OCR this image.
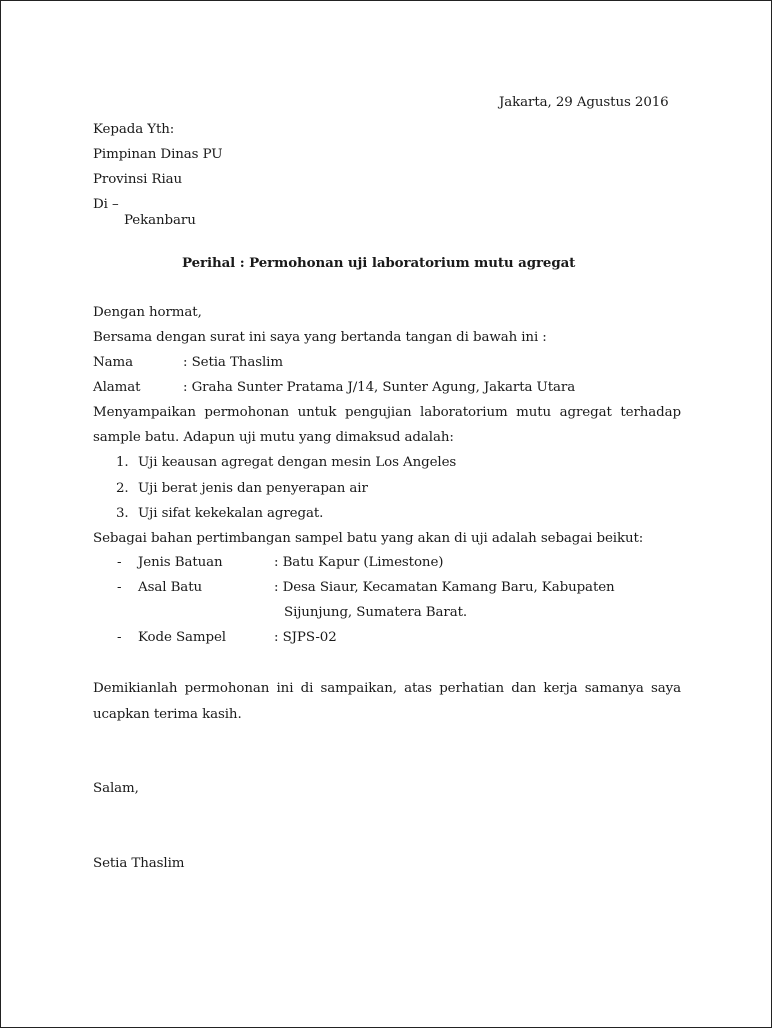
Jakarta, 29 Agustus 2016
Kepada Yth:
Pimpinan Dinas PU
Provinsi Riau
Di –
Pekanbaru
Perihal : Permohonan uji laboratorium mutu agregat
Dengan hormat,
Bersama dengan surat ini saya yang bertanda tangan di bawah ini :
Nama	: Setia Thaslim
Alamat	: Graha Sunter Pratama J/14, Sunter Agung, Jakarta Utara
Menyampaikan permohonan untuk pengujian laboratorium mutu agregat terhadap
sample batu. Adapun uji mutu yang dimaksud adalah:
1. Uji keausan agregat dengan mesin Los Angeles
2. Uji berat jenis dan penyerapan air
3. Uji sifat kekekalan agregat.
Sebagai bahan pertimbangan sampel batu yang akan di uji adalah sebagai beikut:
- Jenis Batuan	: Batu Kapur (Limestone)
- Asal Batu	: Desa Siaur, Kecamatan Kamang Baru, Kabupaten
Sijunjung, Sumatera Barat.
- Kode Sampel	: SJPS-02
Demikianlah permohonan ini di sampaikan, atas perhatian dan kerja samanya saya
ucapkan terima kasih.
Salam,
Setia Thaslim
